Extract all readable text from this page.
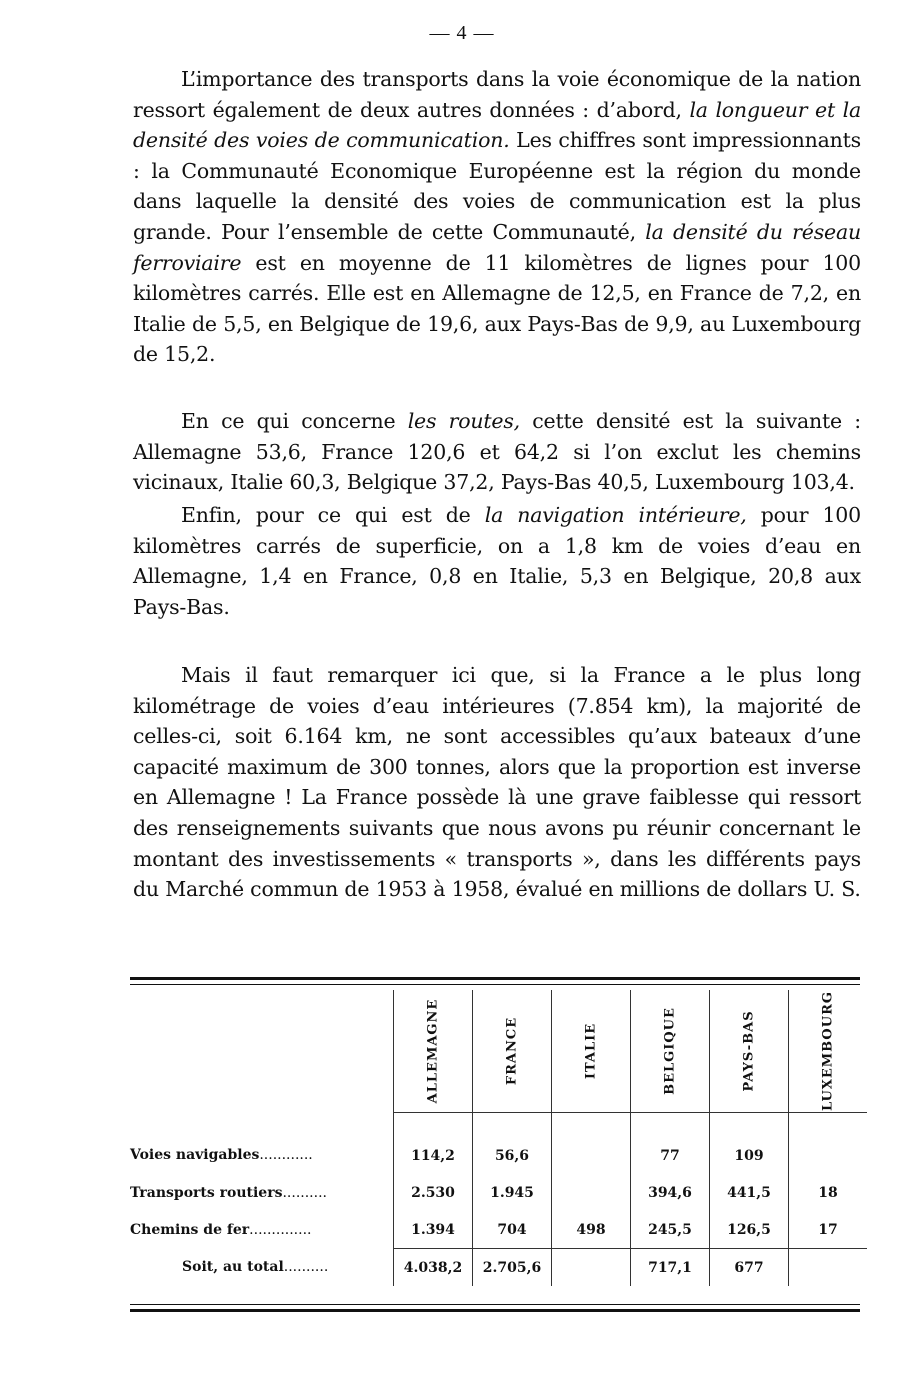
— 4 —

L’importance des transports dans la voie économique de la nation ressort également de deux autres données : d’abord, la longueur et la densité des voies de communication. Les chiffres sont impressionnants : la Communauté Economique Européenne est la région du monde dans laquelle la densité des voies de communication est la plus grande. Pour l’ensemble de cette Communauté, la densité du réseau ferroviaire est en moyenne de 11 kilomètres de lignes pour 100 kilomètres carrés. Elle est en Allemagne de 12,5, en France de 7,2, en Italie de 5,5, en Belgique de 19,6, aux Pays-Bas de 9,9, au Luxembourg de 15,2.

En ce qui concerne les routes, cette densité est la suivante : Allemagne 53,6, France 120,6 et 64,2 si l’on exclut les chemins vicinaux, Italie 60,3, Belgique 37,2, Pays-Bas 40,5, Luxembourg 103,4.

Enfin, pour ce qui est de la navigation intérieure, pour 100 kilomètres carrés de superficie, on a 1,8 km de voies d’eau en Allemagne, 1,4 en France, 0,8 en Italie, 5,3 en Belgique, 20,8 aux Pays-Bas.

Mais il faut remarquer ici que, si la France a le plus long kilométrage de voies d’eau intérieures (7.854 km), la majorité de celles-ci, soit 6.164 km, ne sont accessibles qu’aux bateaux d’une capacité maximum de 300 tonnes, alors que la proportion est inverse en Allemagne ! La France possède là une grave faiblesse qui ressort des renseignements suivants que nous avons pu réunir concernant le montant des investissements « transports », dans les différents pays du Marché commun de 1953 à 1958, évalué en millions de dollars U. S.

	ALLEMAGNE	FRANCE	ITALIE	BELGIQUE	PAYS-BAS	LUXEMBOURG

Voies navigables............	114,2	56,6		77	109	
Transports routiers..........	2.530	1.945		394,6	441,5	18
Chemins de fer..............	1.394	704	498	245,5	126,5	17
Soit, au total..........	4.038,2	2.705,6		717,1	677	
